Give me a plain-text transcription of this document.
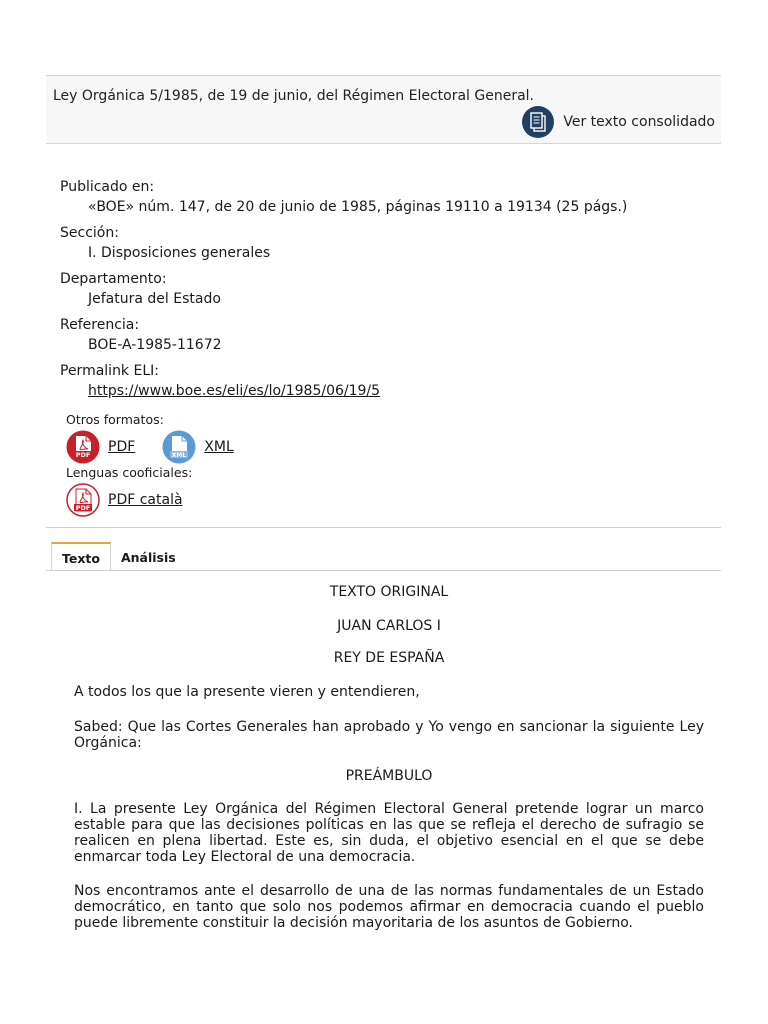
Ley Orgánica 5/1985, de 19 de junio, del Régimen Electoral General.
Ver texto consolidado

Publicado en:

«BOE» núm. 147, de 20 de junio de 1985, páginas 19110 a 19134 (25 págs.)

Sección:

I. Disposiciones generales

Departamento:

Jefatura del Estado

Referencia:

BOE-A-1985-11672

Permalink ELI:

https://www.boe.es/eli/es/lo/1985/06/19/5

Otros formatos:
PDF PDF
XML
XML
Lenguas cooficiales:
PDF PDF català
Texto	Análisis

TEXTO ORIGINAL

JUAN CARLOS I

REY DE ESPAÑA

A todos los que la presente vieren y entendieren,

Sabed: Que las Cortes Generales han aprobado y Yo vengo en sancionar la siguiente Ley Orgánica:

PREÁMBULO

I. La presente Ley Orgánica del Régimen Electoral General pretende lograr un marco estable para que las decisiones políticas en las que se refleja el derecho de sufragio se realicen en plena libertad. Este es, sin duda, el objetivo esencial en el que se debe enmarcar toda Ley Electoral de una democracia.

Nos encontramos ante el desarrollo de una de las normas fundamentales de un Estado democrático, en tanto que solo nos podemos afirmar en democracia cuando el pueblo puede libremente constituir la decisión mayoritaria de los asuntos de Gobierno.
